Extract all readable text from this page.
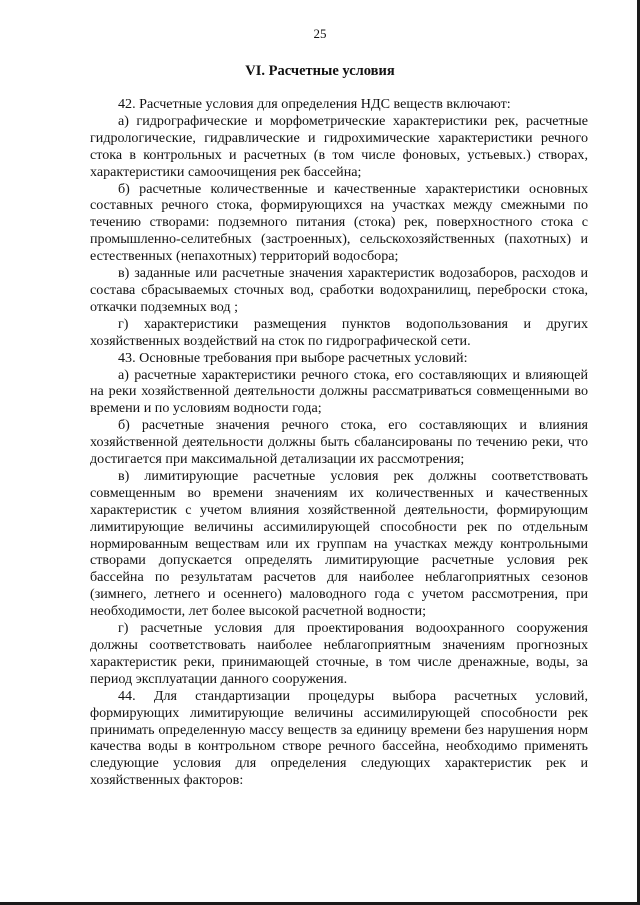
25
VI. Расчетные условия

42. Расчетные условия для определения НДС веществ включают:

а) гидрографические и морфометрические характеристики рек, расчетные гидрологические, гидравлические и гидрохимические характеристики речного стока в контрольных и расчетных (в том числе фоновых, устьевых.) створах, характеристики самоочищения рек бассейна;

б) расчетные количественные и качественные характеристики основных составных речного стока, формирующихся на участках между смежными по течению створами: подземного питания (стока) рек, поверхностного стока с промышленно-селитебных (застроенных), сельскохозяйственных (пахотных) и естественных (непахотных) территорий водосбора;

в) заданные или расчетные значения характеристик водозаборов, расходов и состава сбрасываемых сточных вод, сработки водохранилищ, переброски стока, откачки подземных вод ;

г) характеристики размещения пунктов водопользования и других хозяйственных воздействий на сток по гидрографической сети.

43. Основные требования при выборе расчетных условий:

а) расчетные характеристики речного стока, его составляющих и влияющей на реки хозяйственной деятельности должны рассматриваться совмещенными во времени и по условиям водности года;

б) расчетные значения речного стока, его составляющих и влияния хозяйственной деятельности должны быть сбалансированы по течению реки, что достигается при максимальной детализации их рассмотрения;

в) лимитирующие расчетные условия рек должны соответствовать совмещенным во времени значениям их количественных и качественных характеристик с учетом влияния хозяйственной деятельности, формирующим лимитирующие величины ассимилирующей способности рек по отдельным нормированным веществам или их группам на участках между контрольными створами допускается определять лимитирующие расчетные условия рек бассейна по результатам расчетов для наиболее неблагоприятных сезонов (зимнего, летнего и осеннего) маловодного года с учетом рассмотрения, при необходимости, лет более высокой расчетной водности;

г) расчетные условия для проектирования водоохранного сооружения должны соответствовать наиболее неблагоприятным значениям прогнозных характеристик реки, принимающей сточные, в том числе дренажные, воды, за период эксплуатации данного сооружения.

44. Для стандартизации процедуры выбора расчетных условий, формирующих лимитирующие величины ассимилирующей способности рек принимать определенную массу веществ за единицу времени без нарушения норм качества воды в контрольном створе речного бассейна, необходимо применять следующие условия для определения следующих характеристик рек и хозяйственных факторов:
